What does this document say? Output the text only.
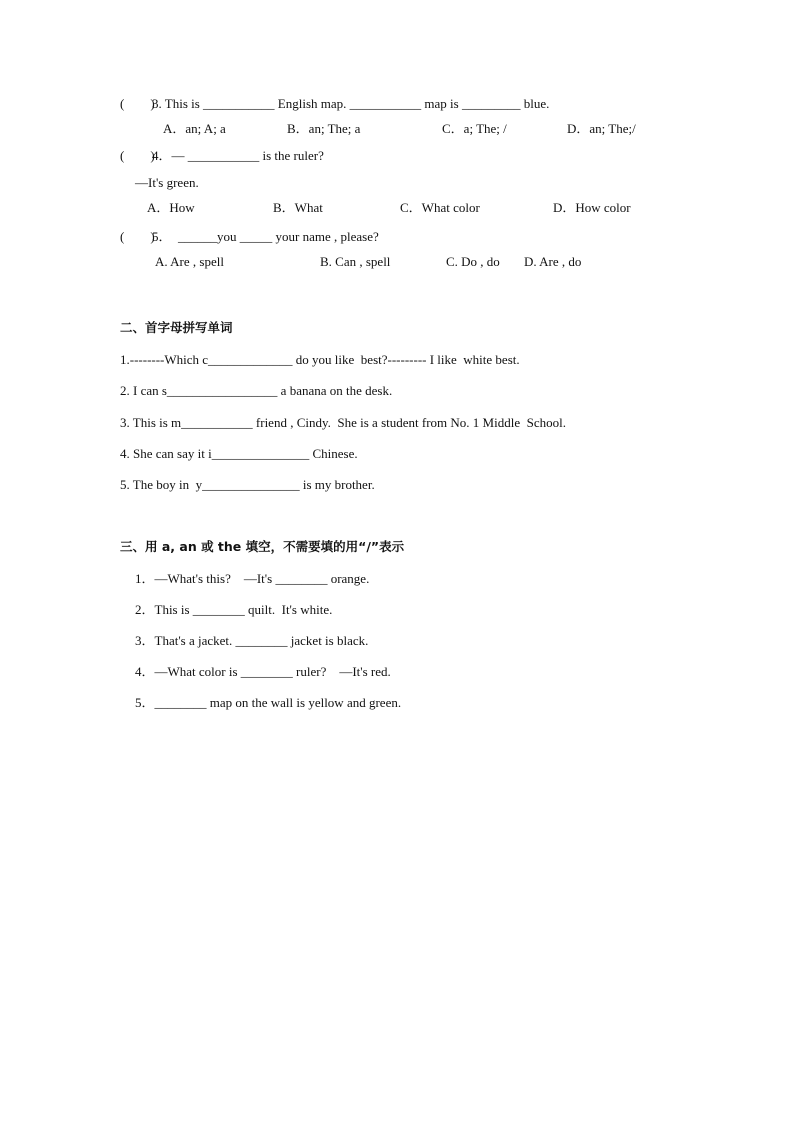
(        )
3. This is ___________ English map. ___________ map is _________ blue.
A．an; A; a	B．an; The; a	C．a; The; /	D．an; The;/
(        )
4．— ___________ is the ruler?
—It's green.
A．How	B．What	C．What color	D．How color
(        )
5．  ______you _____ your name , please?
A. Are , spell	B. Can , spell	C. Do , do D. Are , do
二、首字母拼写单词
1.--------Which c_____________ do you like  best?--------- I like  white best.
2. I can s_________________ a banana on the desk.
3. This is m___________ friend , Cindy.  She is a student from No. 1 Middle  School.
4. She can say it i_______________ Chinese.
5. The boy in  y_______________ is my brother.
三、用 a, an 或 the 填空，不需要填的用“/”表示
1．—What's this?    —It's ________ orange.
2．This is ________ quilt.  It's white.
3．That's a jacket. ________ jacket is black.
4．—What color is ________ ruler?    —It's red.
5．________ map on the wall is yellow and green.
